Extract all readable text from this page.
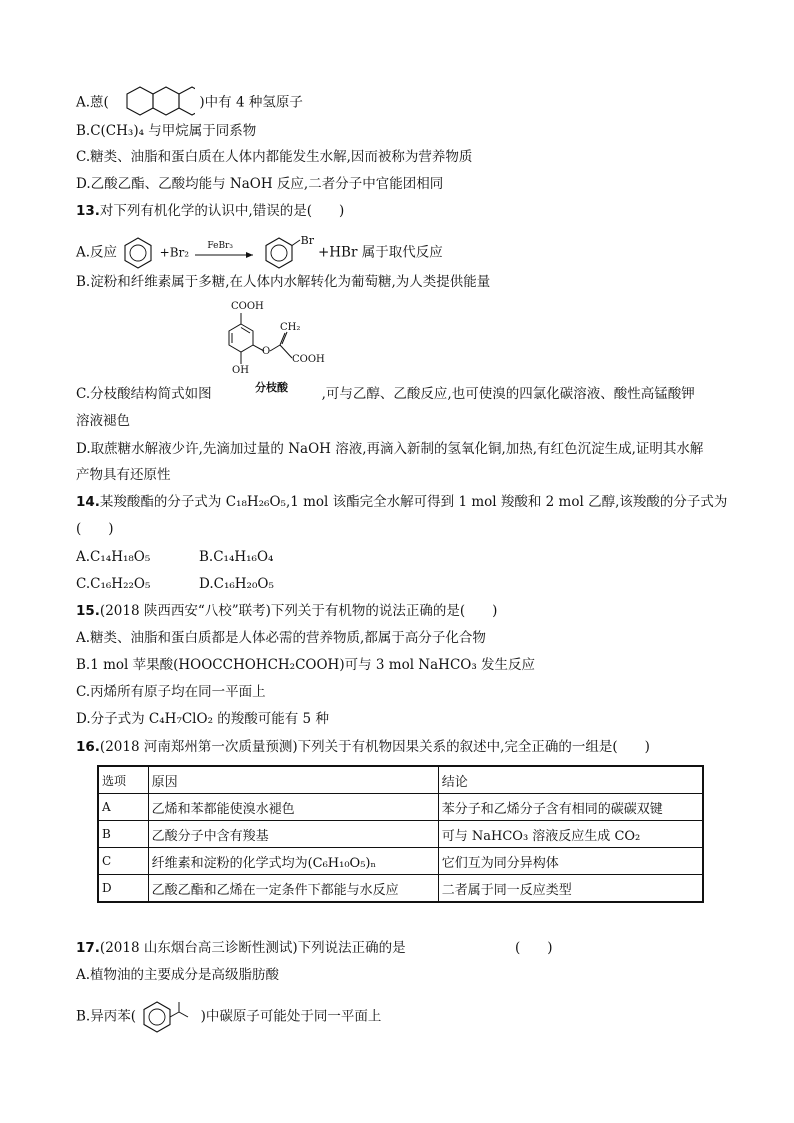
A.蒽(	)中有 4 种氢原子
B.C(CH₃)₄ 与甲烷属于同系物
C.糖类、油脂和蛋白质在人体内都能发生水解,因而被称为营养物质
D.乙酸乙酯、乙酸均能与 NaOH 反应,二者分子中官能团相同
13.对下列有机化学的认识中,错误的是(　　)
A.反应	+Br₂ FeBr₃
	Br
+HBr 属于取代反应
B.淀粉和纤维素属于多糖,在人体内水解转化为葡萄糖,为人类提供能量
COOH
CH₂
O
COOH
OH
分枝酸
C.分枝酸结构简式如图	,可与乙醇、乙酸反应,也可使溴的四氯化碳溶液、酸性高锰酸钾
溶液褪色
D.取蔗糖水解液少许,先滴加过量的 NaOH 溶液,再滴入新制的氢氧化铜,加热,有红色沉淀生成,证明其水解
产物具有还原性
14.某羧酸酯的分子式为 C₁₈H₂₆O₅,1 mol 该酯完全水解可得到 1 mol 羧酸和 2 mol 乙醇,该羧酸的分子式为
(　　)
A.C₁₄H₁₈O₅	B.C₁₄H₁₆O₄
C.C₁₆H₂₂O₅	D.C₁₆H₂₀O₅
15.(2018 陕西西安“八校”联考)下列关于有机物的说法正确的是(　　)
A.糖类、油脂和蛋白质都是人体必需的营养物质,都属于高分子化合物
B.1 mol 苹果酸(HOOCCHOHCH₂COOH)可与 3 mol NaHCO₃ 发生反应
C.丙烯所有原子均在同一平面上
D.分子式为 C₄H₇ClO₂ 的羧酸可能有 5 种
16.(2018 河南郑州第一次质量预测)下列关于有机物因果关系的叙述中,完全正确的一组是(　　)
选项	原因	结论
A	乙烯和苯都能使溴水褪色	苯分子和乙烯分子含有相同的碳碳双键
B	乙酸分子中含有羧基	可与 NaHCO₃ 溶液反应生成 CO₂
C	纤维素和淀粉的化学式均为(C₆H₁₀O₅)ₙ	它们互为同分异构体
D	乙酸乙酯和乙烯在一定条件下都能与水反应	二者属于同一反应类型
17.(2018 山东烟台高三诊断性测试)下列说法正确的是	(　　)
A.植物油的主要成分是高级脂肪酸
B.异丙苯(	)中碳原子可能处于同一平面上
